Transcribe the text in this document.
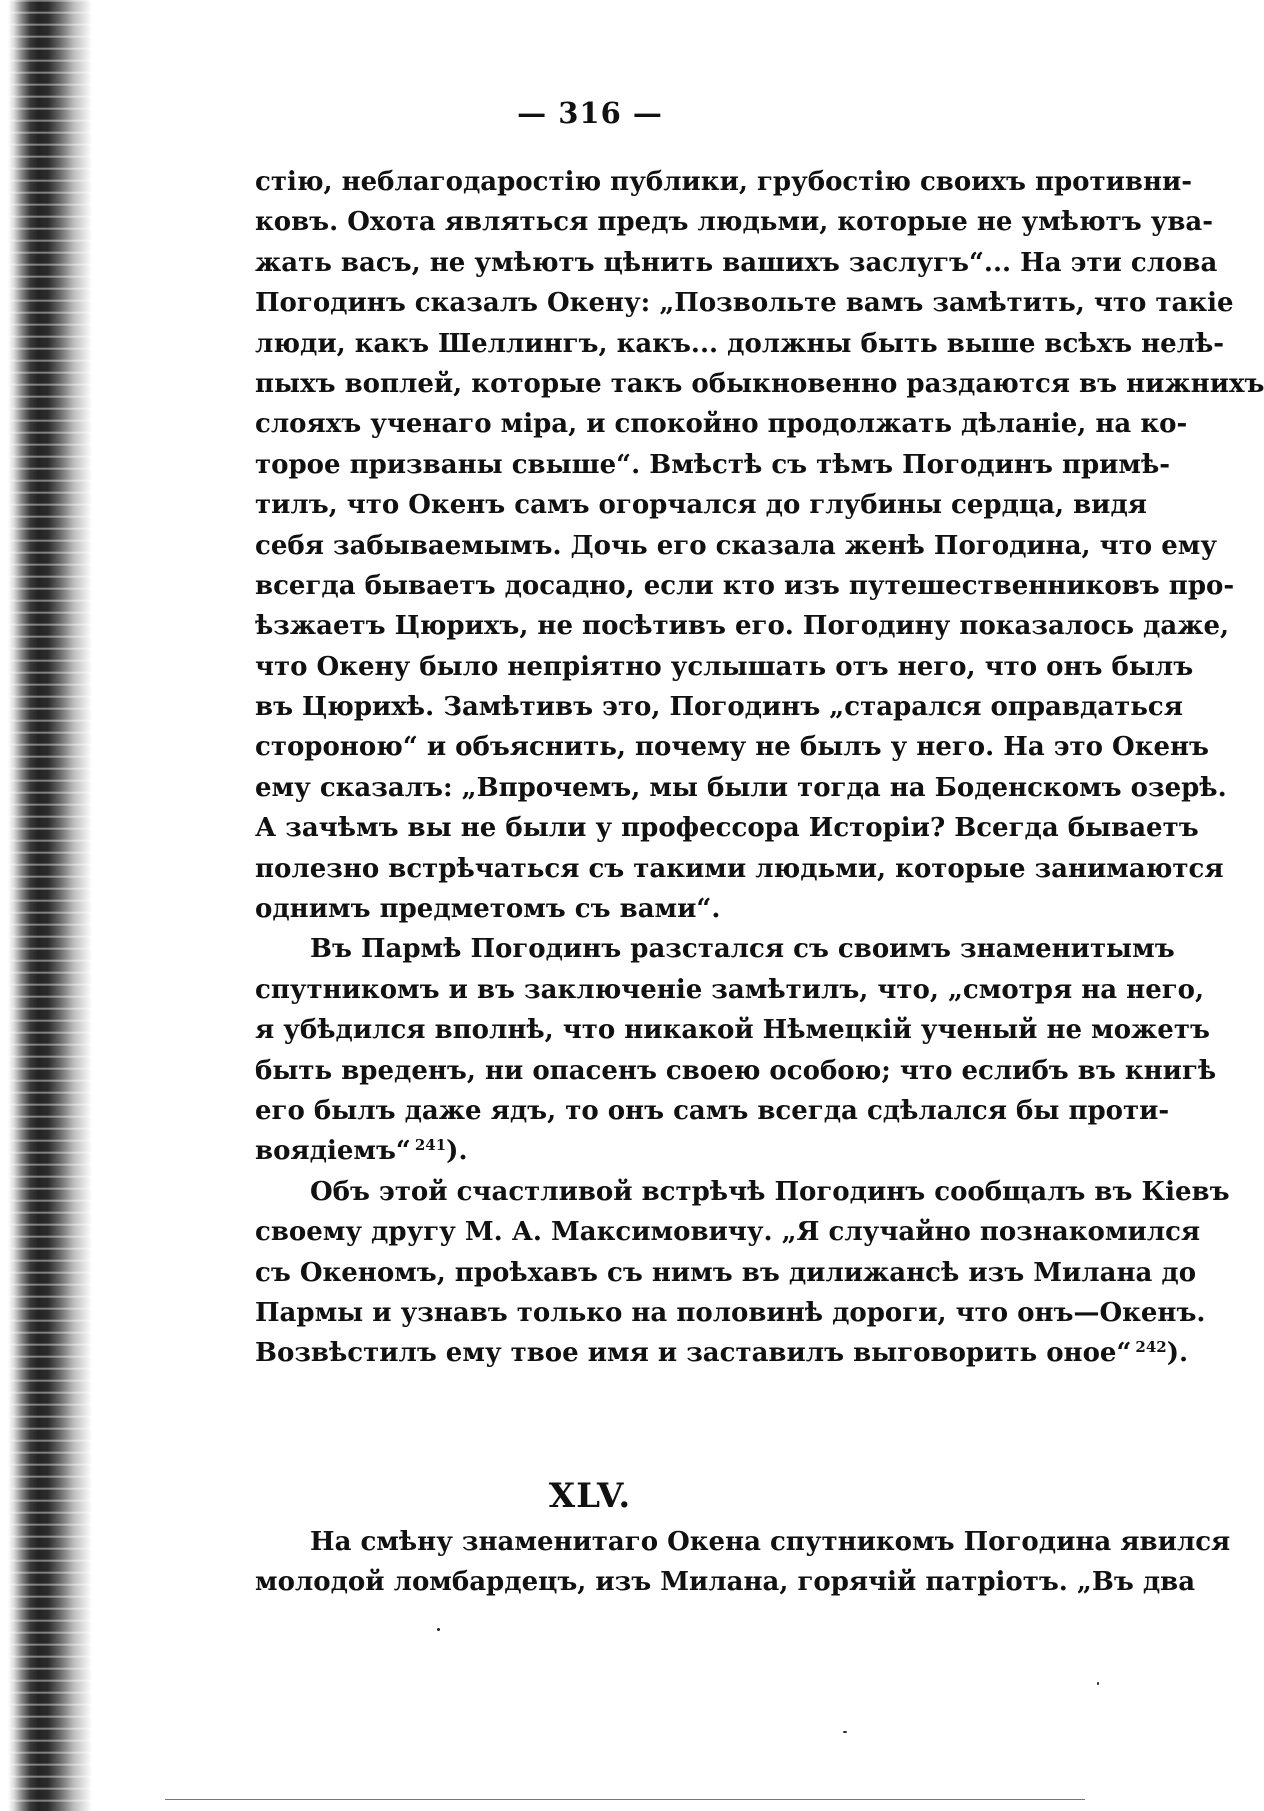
— 316 —
стію, неблагодаростію публики, грубостію своихъ противни-
ковъ. Охота являться предъ людьми, которые не умѣютъ ува-
жать васъ, не умѣютъ цѣнить вашихъ заслугъ“... На эти слова
Погодинъ сказалъ Окену: „Позвольте вамъ замѣтить, что такіе
люди, какъ Шеллингъ, какъ... должны быть выше всѣхъ нелѣ-
пыхъ воплей, которые такъ обыкновенно раздаются въ нижнихъ
слояхъ ученаго міра, и спокойно продолжать дѣланіе, на ко-
торое призваны свыше“. Вмѣстѣ съ тѣмъ Погодинъ примѣ-
тилъ, что Окенъ самъ огорчался до глубины сердца, видя
себя забываемымъ. Дочь его сказала женѣ Погодина, что ему
всегда бываетъ досадно, если кто изъ путешественниковъ про-
ѣзжаетъ Цюрихъ, не посѣтивъ его. Погодину показалось даже,
что Окену было непріятно услышать отъ него, что онъ былъ
въ Цюрихѣ. Замѣтивъ это, Погодинъ „старался оправдаться
стороною“ и объяснить, почему не былъ у него. На это Окенъ
ему сказалъ: „Впрочемъ, мы были тогда на Боденскомъ озерѣ.
А зачѣмъ вы не были у профессора Исторіи? Всегда бываетъ
полезно встрѣчаться съ такими людьми, которые занимаются
однимъ предметомъ съ вами“.
Въ Пармѣ Погодинъ разстался съ своимъ знаменитымъ
спутникомъ и въ заключеніе замѣтилъ, что, „смотря на него,
я убѣдился вполнѣ, что никакой Нѣмецкій ученый не можетъ
быть вреденъ, ни опасенъ своею особою; что еслибъ въ книгѣ
его былъ даже ядъ, то онъ самъ всегда сдѣлался бы проти-
воядіемъ“ $^{241}$).
Объ этой счастливой встрѣчѣ Погодинъ сообщалъ въ Кіевъ
своему другу М. А. Максимовичу. „Я случайно познакомился
съ Океномъ, проѣхавъ съ нимъ въ дилижансѣ изъ Милана до
Пармы и узнавъ только на половинѣ дороги, что онъ—Окенъ.
Возвѣстилъ ему твое имя и заставилъ выговорить оное“ $^{242}$).
XLV.
На смѣну знаменитаго Окена спутникомъ Погодина явился
молодой ломбардецъ, изъ Милана, горячій патріотъ. „Въ два
